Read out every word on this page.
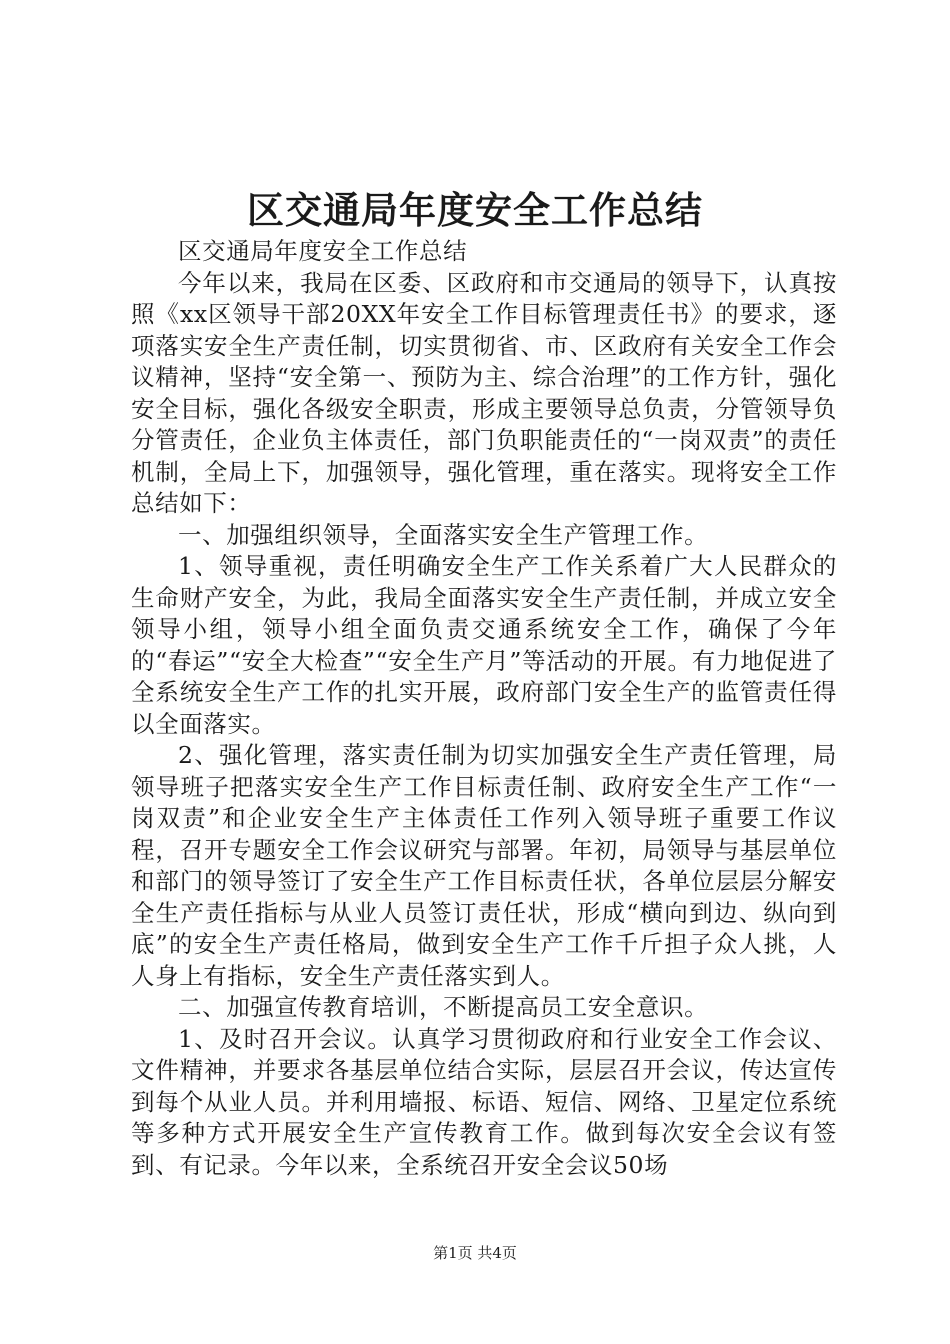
区交通局年度安全工作总结

区交通局年度安全工作总结

今年以来，我局在区委、区政府和市交通局的领导下，认真按照《xx区领导干部20XX年安全工作目标管理责任书》的要求，逐项落实安全生产责任制，切实贯彻省、市、区政府有关安全工作会议精神，坚持“安全第一、预防为主、综合治理”的工作方针，强化安全目标，强化各级安全职责，形成主要领导总负责，分管领导负分管责任，企业负主体责任，部门负职能责任的“一岗双责”的责任机制，全局上下，加强领导，强化管理，重在落实。现将安全工作总结如下：

一、加强组织领导，全面落实安全生产管理工作。

1、领导重视，责任明确安全生产工作关系着广大人民群众的生命财产安全，为此，我局全面落实安全生产责任制，并成立安全领导小组，领导小组全面负责交通系统安全工作，确保了今年的“春运”“安全大检查”“安全生产月”等活动的开展。有力地促进了全系统安全生产工作的扎实开展，政府部门安全生产的监管责任得以全面落实。

2、强化管理，落实责任制为切实加强安全生产责任管理，局领导班子把落实安全生产工作目标责任制、政府安全生产工作“一岗双责”和企业安全生产主体责任工作列入领导班子重要工作议程，召开专题安全工作会议研究与部署。年初，局领导与基层单位和部门的领导签订了安全生产工作目标责任状，各单位层层分解安全生产责任指标与从业人员签订责任状，形成“横向到边、纵向到底”的安全生产责任格局，做到安全生产工作千斤担子众人挑，人人身上有指标，安全生产责任落实到人。

二、加强宣传教育培训，不断提高员工安全意识。

1、及时召开会议。认真学习贯彻政府和行业安全工作会议、文件精神，并要求各基层单位结合实际，层层召开会议，传达宣传到每个从业人员。并利用墙报、标语、短信、网络、卫星定位系统等多种方式开展安全生产宣传教育工作。做到每次安全会议有签到、有记录。今年以来，全系统召开安全会议50场

第1页 共4页
